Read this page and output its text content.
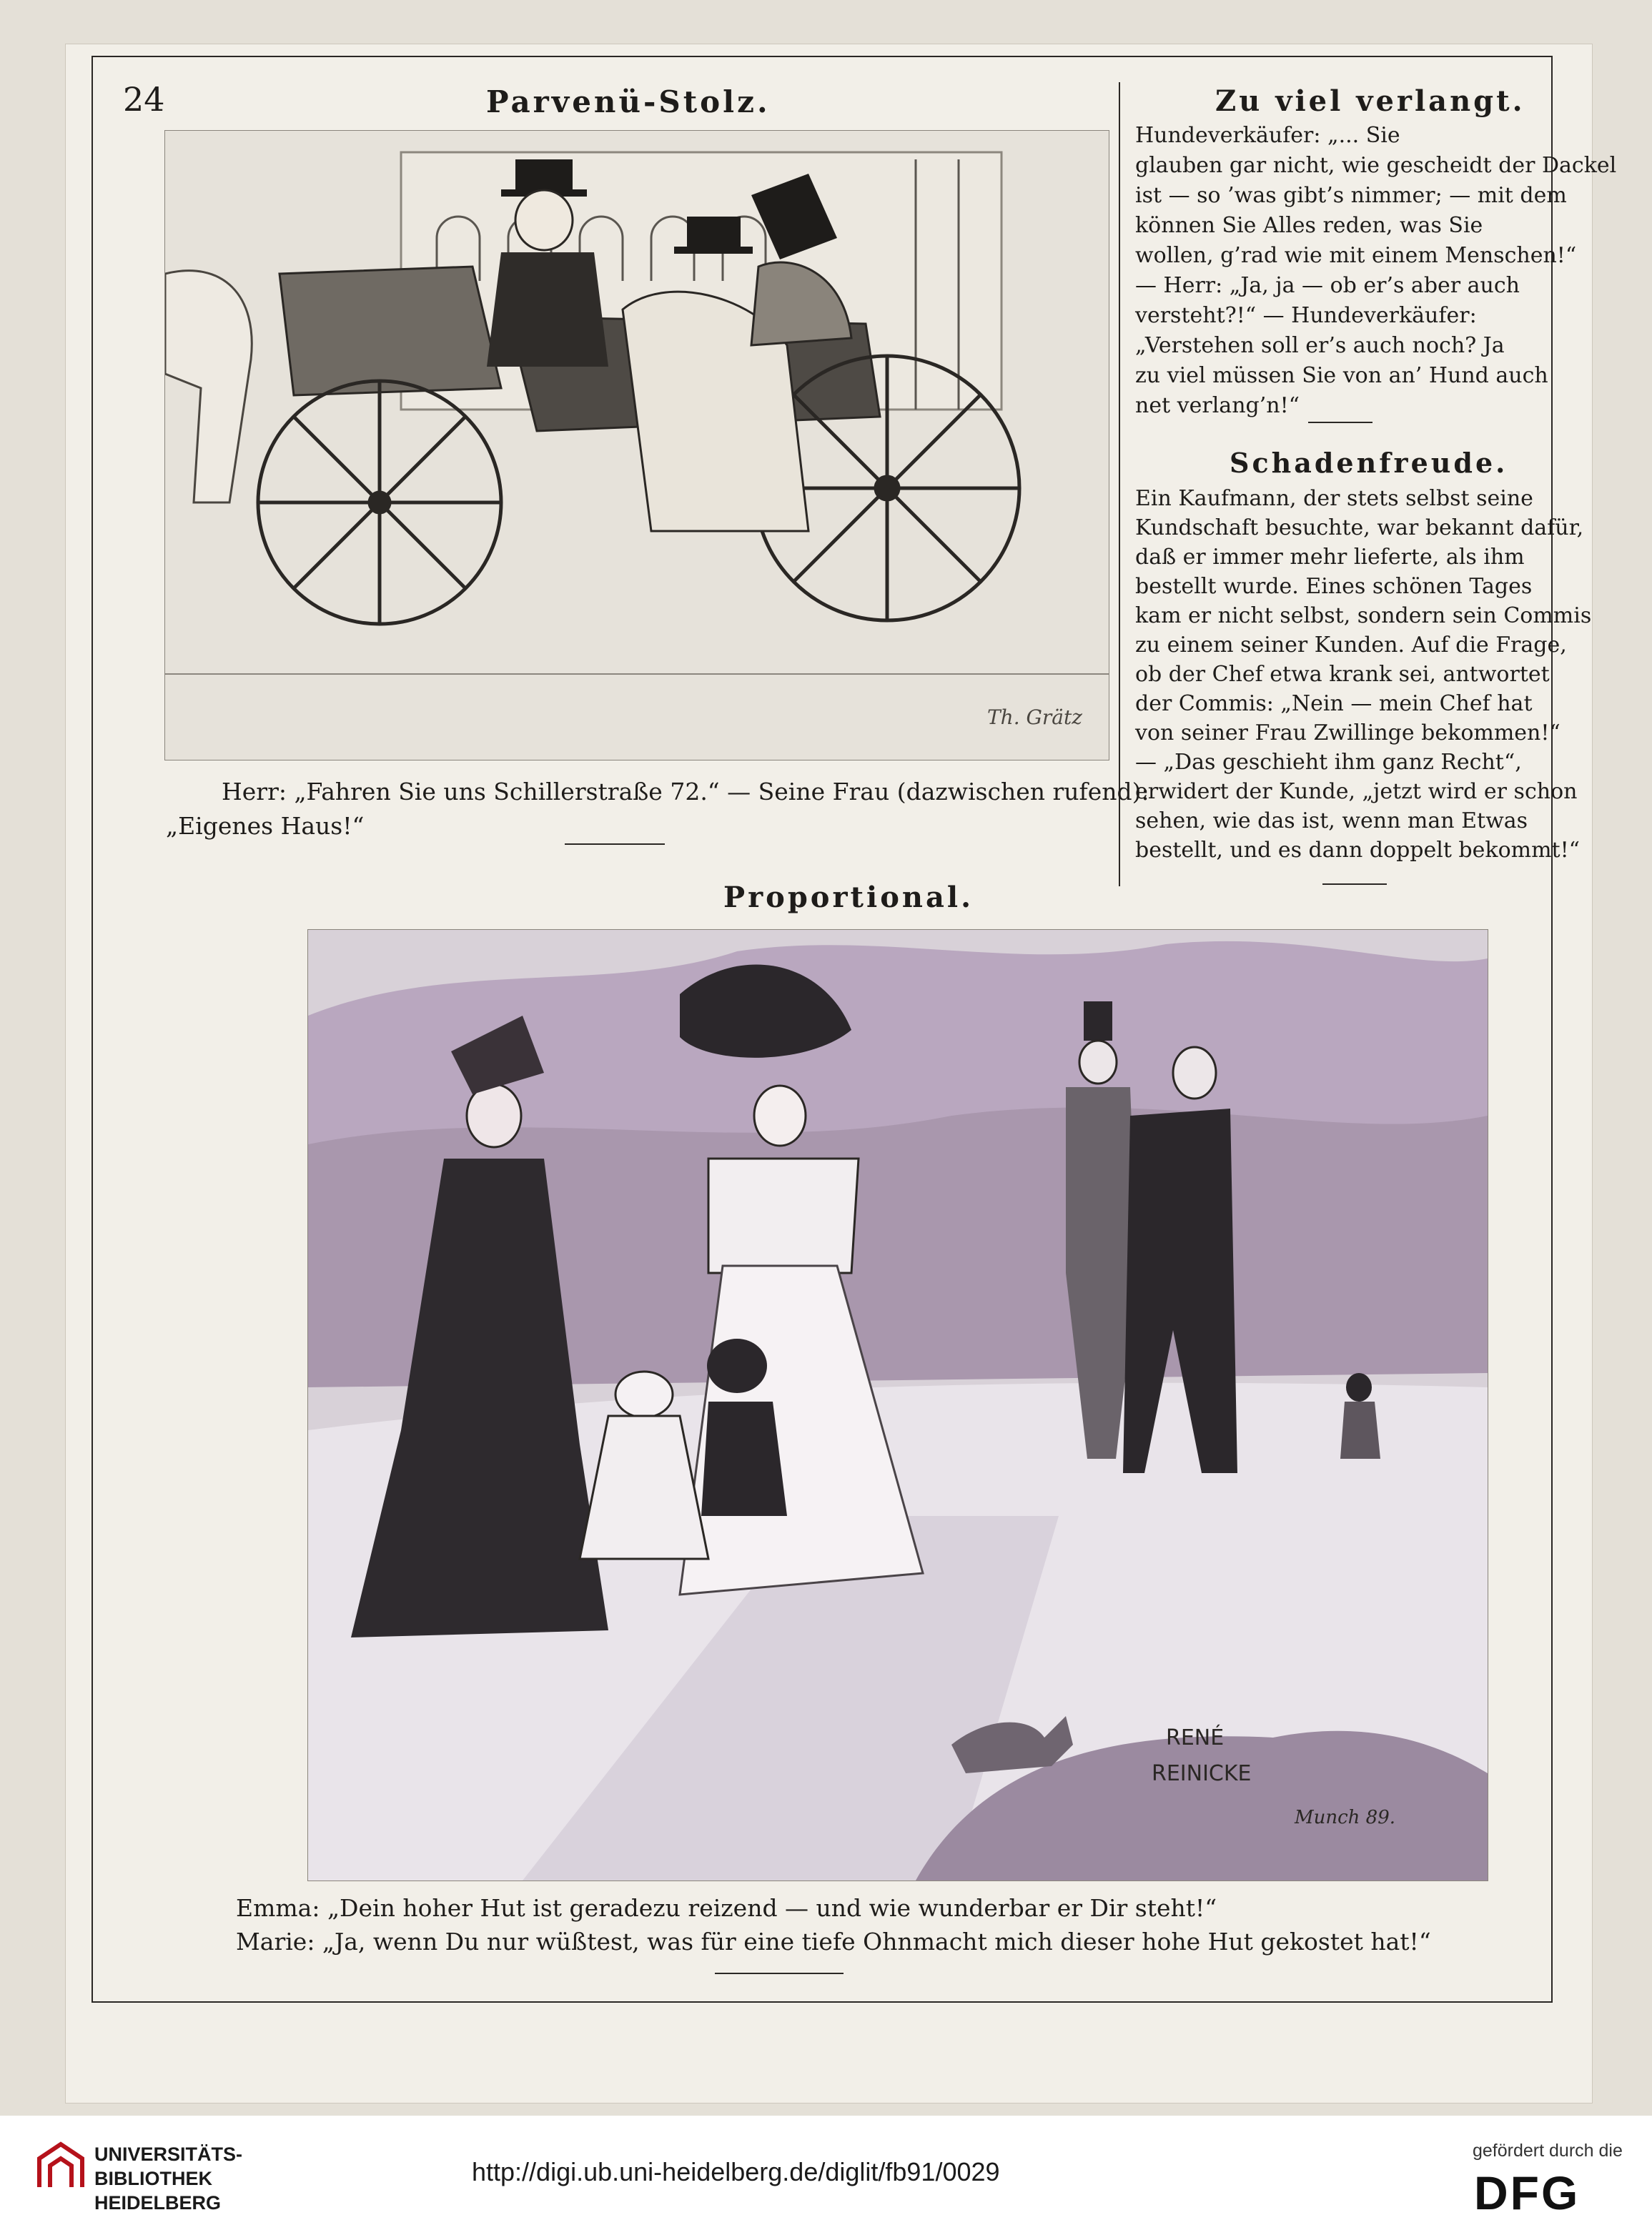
24	Parvenü-Stolz.
Th. Grätz
Herr: „Fahren Sie uns Schillerstraße 72.“ — Seine Frau (dazwischen rufend):
„Eigenes Haus!“
Zu viel verlangt.
Hundeverkäufer: „... Sie
glauben gar nicht, wie gescheidt der Dackel
ist — so ’was gibt’s nimmer; — mit dem
können Sie Alles reden, was Sie
wollen, g’rad wie mit einem Menschen!“
— Herr: „Ja, ja — ob er’s aber auch
versteht?!“ — Hundeverkäufer:
„Verstehen soll er’s auch noch? Ja
zu viel müssen Sie von an’ Hund auch
net verlang’n!“
Schadenfreude.
Ein Kaufmann, der stets selbst seine
Kundschaft besuchte, war bekannt dafür,
daß er immer mehr lieferte, als ihm
bestellt wurde. Eines schönen Tages
kam er nicht selbst, sondern sein Commis
zu einem seiner Kunden. Auf die Frage,
ob der Chef etwa krank sei, antwortet
der Commis: „Nein — mein Chef hat
von seiner Frau Zwillinge bekommen!“
— „Das geschieht ihm ganz Recht“,
erwidert der Kunde, „jetzt wird er schon
sehen, wie das ist, wenn man Etwas
bestellt, und es dann doppelt bekommt!“
Proportional.
RENÉ
REINICKE
Munch 89.
Emma: „Dein hoher Hut ist geradezu reizend — und wie wunderbar er Dir steht!“
Marie: „Ja, wenn Du nur wüßtest, was für eine tiefe Ohnmacht mich dieser hohe Hut gekostet hat!“
UNIVERSITÄTS-
BIBLIOTHEK
HEIDELBERG
http://digi.ub.uni-heidelberg.de/diglit/fb91/0029
gefördert durch die
DFG
